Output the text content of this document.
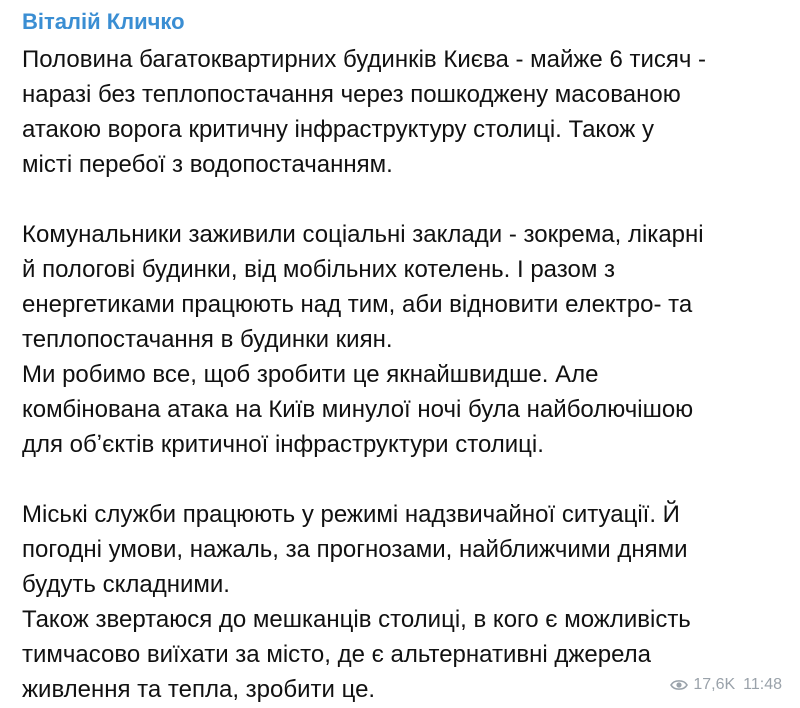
Віталій Кличко
Половина багатоквартирних будинків Києва - майже 6 тисяч -
наразі без теплопостачання через пошкоджену масованою
атакою ворога критичну інфраструктуру столиці. Також у
місті перебої з водопостачанням.
Комунальники заживили соціальні заклади - зокрема, лікарні
й пологові будинки, від мобільних котелень. І разом з
енергетиками працюють над тим, аби відновити електро- та
теплопостачання в будинки киян.
Ми робимо все, щоб зробити це якнайшвидше. Але
комбінована атака на Київ минулої ночі була найболючішою
для обʼєктів критичної інфраструктури столиці.
Міські служби працюють у режимі надзвичайної ситуації. Й
погодні умови, нажаль, за прогнозами, найближчими днями
будуть складними.
Також звертаюся до мешканців столиці, в кого є можливість
тимчасово виїхати за місто, де є альтернативні джерела
живлення та тепла, зробити це.	17,6K 11:48
